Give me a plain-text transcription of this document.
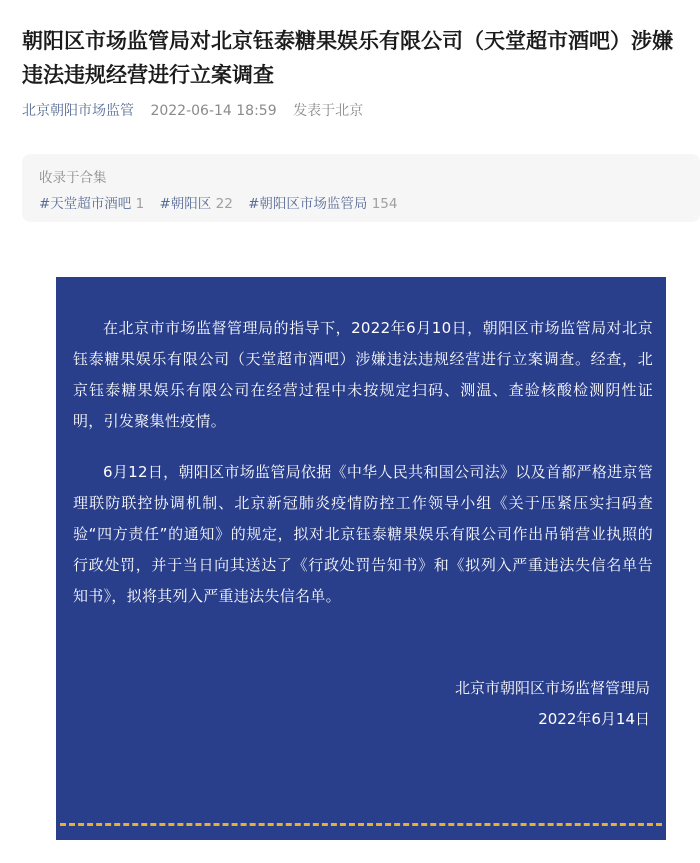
朝阳区市场监管局对北京钰泰糖果娱乐有限公司（天堂超市酒吧）涉嫌违法违规经营进行立案调查
北京朝阳市场监管 2022-06-14 18:59 发表于北京
收录于合集
#天堂超市酒吧 1 #朝阳区 22 #朝阳区市场监管局 154

在北京市市场监督管理局的指导下，2022年6月10日，朝阳区市场监管局对北京钰泰糖果娱乐有限公司（天堂超市酒吧）涉嫌违法违规经营进行立案调查。经查，北京钰泰糖果娱乐有限公司在经营过程中未按规定扫码、测温、查验核酸检测阴性证明，引发聚集性疫情。

6月12日，朝阳区市场监管局依据《中华人民共和国公司法》以及首都严格进京管理联防联控协调机制、北京新冠肺炎疫情防控工作领导小组《关于压紧压实扫码查验“四方责任”的通知》的规定，拟对北京钰泰糖果娱乐有限公司作出吊销营业执照的行政处罚，并于当日向其送达了《行政处罚告知书》和《拟列入严重违法失信名单告知书》，拟将其列入严重违法失信名单。

北京市朝阳区市场监督管理局
2022年6月14日
